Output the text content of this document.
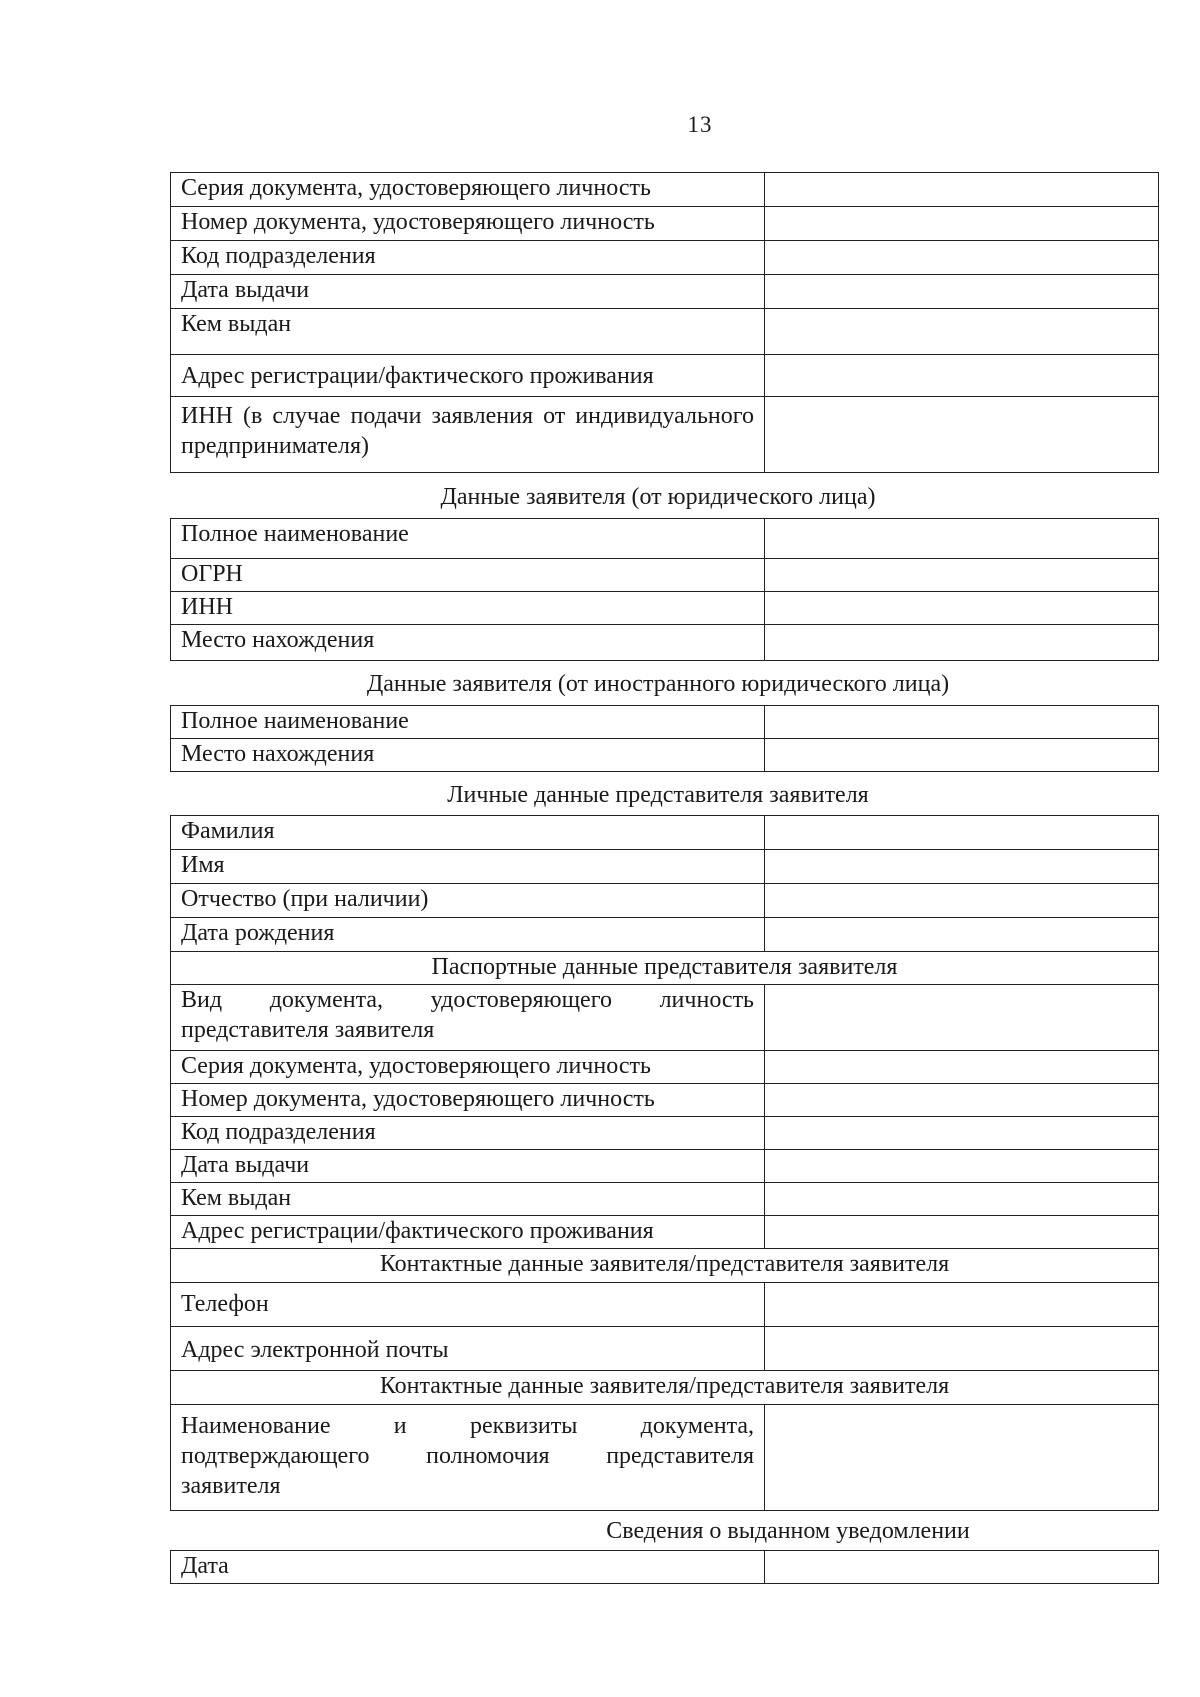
13
Серия документа, удостоверяющего личность	
Номер документа, удостоверяющего личность	
Код подразделения	
Дата выдачи	
Кем выдан	
Адрес регистрации/фактического проживания	
ИНН (в случае подачи заявления от индивидуального предпринимателя)	
Данные заявителя (от юридического лица)
Полное наименование	
ОГРН	
ИНН	
Место нахождения	
Данные заявителя (от иностранного юридического лица)
Полное наименование	
Место нахождения	
Личные данные представителя заявителя
Фамилия	
Имя	
Отчество (при наличии)	
Дата рождения	
Паспортные данные представителя заявителя	
Вид документа, удостоверяющего личность представителя заявителя	
Серия документа, удостоверяющего личность	
Номер документа, удостоверяющего личность	
Код подразделения	
Дата выдачи	
Кем выдан	
Адрес регистрации/фактического проживания	
Контактные данные заявителя/представителя заявителя	
Телефон	
Адрес электронной почты	
Контактные данные заявителя/представителя заявителя	
Наименование и реквизиты документа, подтверждающего полномочия представителя заявителя	
Сведения о выданном уведомлении
Дата	
